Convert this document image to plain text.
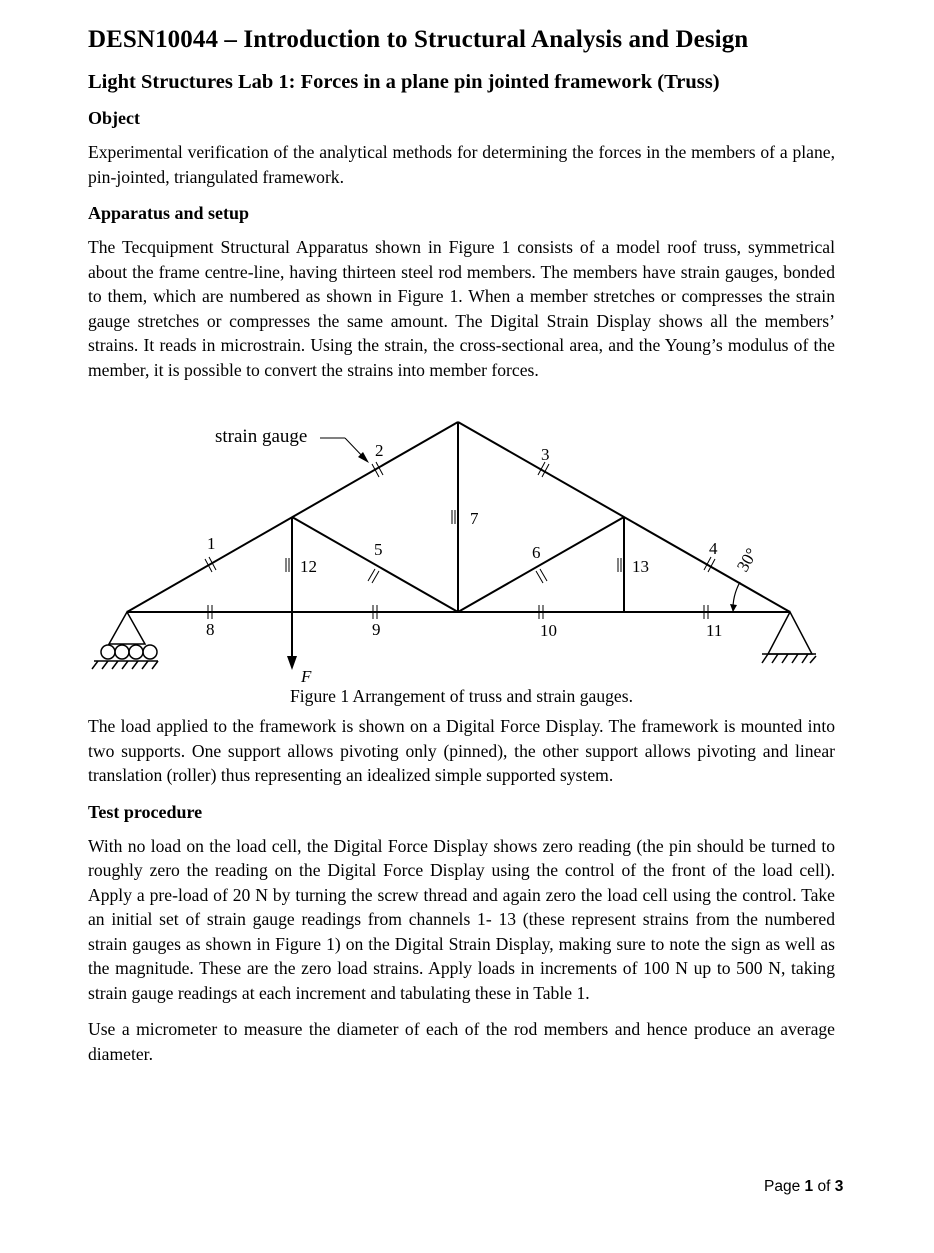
DESN10044 – Introduction to Structural Analysis and Design
Light Structures Lab 1: Forces in a plane pin jointed framework (Truss)
Object

Experimental verification of the analytical methods for determining the forces in the members of a plane, pin-jointed, triangulated framework.

Apparatus and setup

The Tecquipment Structural Apparatus shown in Figure 1 consists of a model roof truss, symmetrical about the frame centre-line, having thirteen steel rod members. The members have strain gauges, bonded to them, which are numbered as shown in Figure 1. When a member stretches or compresses the strain gauge stretches or compresses the same amount. The Digital Strain Display shows all the members’ strains. It reads in microstrain. Using the strain, the cross-sectional area, and the Young’s modulus of the member, it is possible to convert the strains into member forces.

strain gauge
1
2	3
4
5	6
7
8	9	10	11
12	13	30°
F
Figure 1 Arrangement of truss and strain gauges.

The load applied to the framework is shown on a Digital Force Display. The framework is mounted into two supports. One support allows pivoting only (pinned), the other support allows pivoting and linear translation (roller) thus representing an idealized simple supported system.

Test procedure

With no load on the load cell, the Digital Force Display shows zero reading (the pin should be turned to roughly zero the reading on the Digital Force Display using the control of the front of the load cell). Apply a pre-load of 20 N by turning the screw thread and again zero the load cell using the control. Take an initial set of strain gauge readings from channels 1- 13 (these represent strains from the numbered strain gauges as shown in Figure 1) on the Digital Strain Display, making sure to note the sign as well as the magnitude. These are the zero load strains. Apply loads in increments of 100 N up to 500 N, taking strain gauge readings at each increment and tabulating these in Table 1.

Use a micrometer to measure the diameter of each of the rod members and hence produce an average diameter.

Page 1 of 3
